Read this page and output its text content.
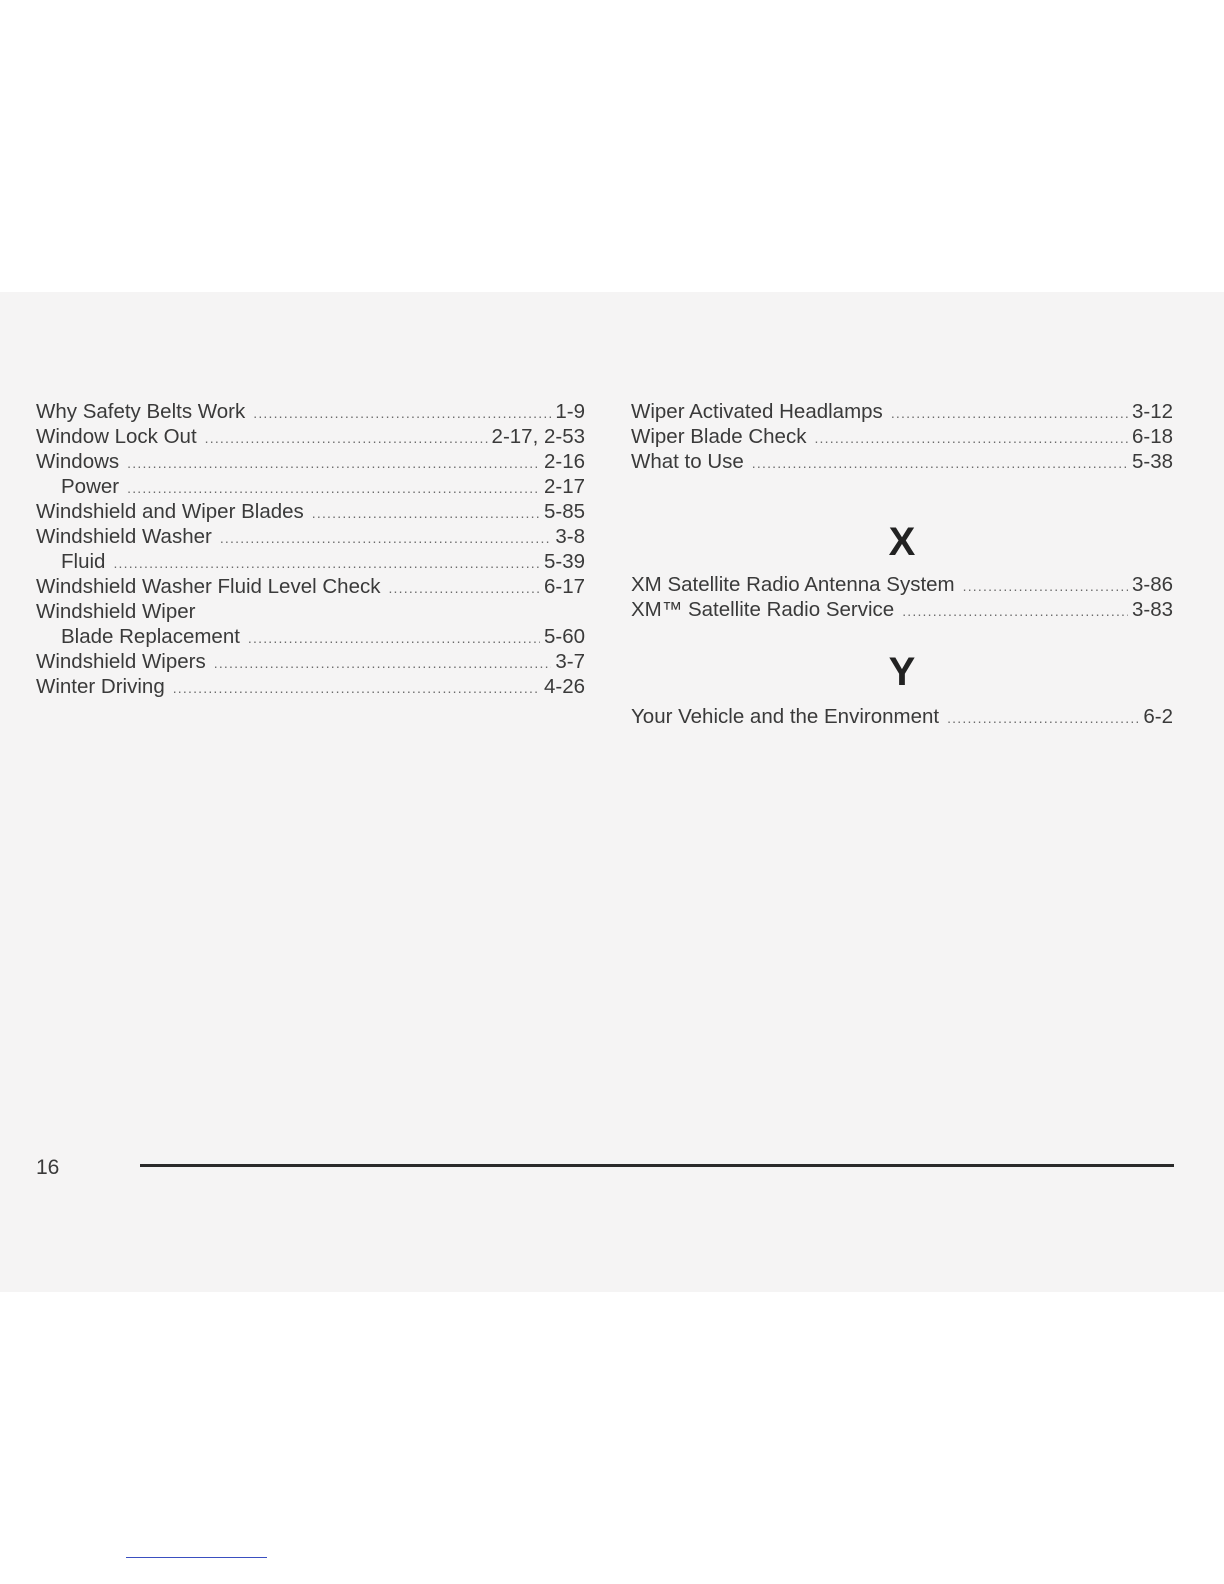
Why Safety Belts Work .....	1-9
Window Lock Out .....	2-17, 2-53
Windows .....	2-16
Power .....	2-17
Windshield and Wiper Blades .....	5-85
Windshield Washer .....	3-8
Fluid .....	5-39
Windshield Washer Fluid Level Check .....	6-17
Windshield Wiper
Blade Replacement .....	5-60
Windshield Wipers .....	3-7
Winter Driving .....	4-26
Wiper Activated Headlamps .....	3-12
Wiper Blade Check .....	6-18
What to Use .....	5-38
X
XM Satellite Radio Antenna System .....	3-86
XM™ Satellite Radio Service .....	3-83
Y
Your Vehicle and the Environment .....	6-2
16
